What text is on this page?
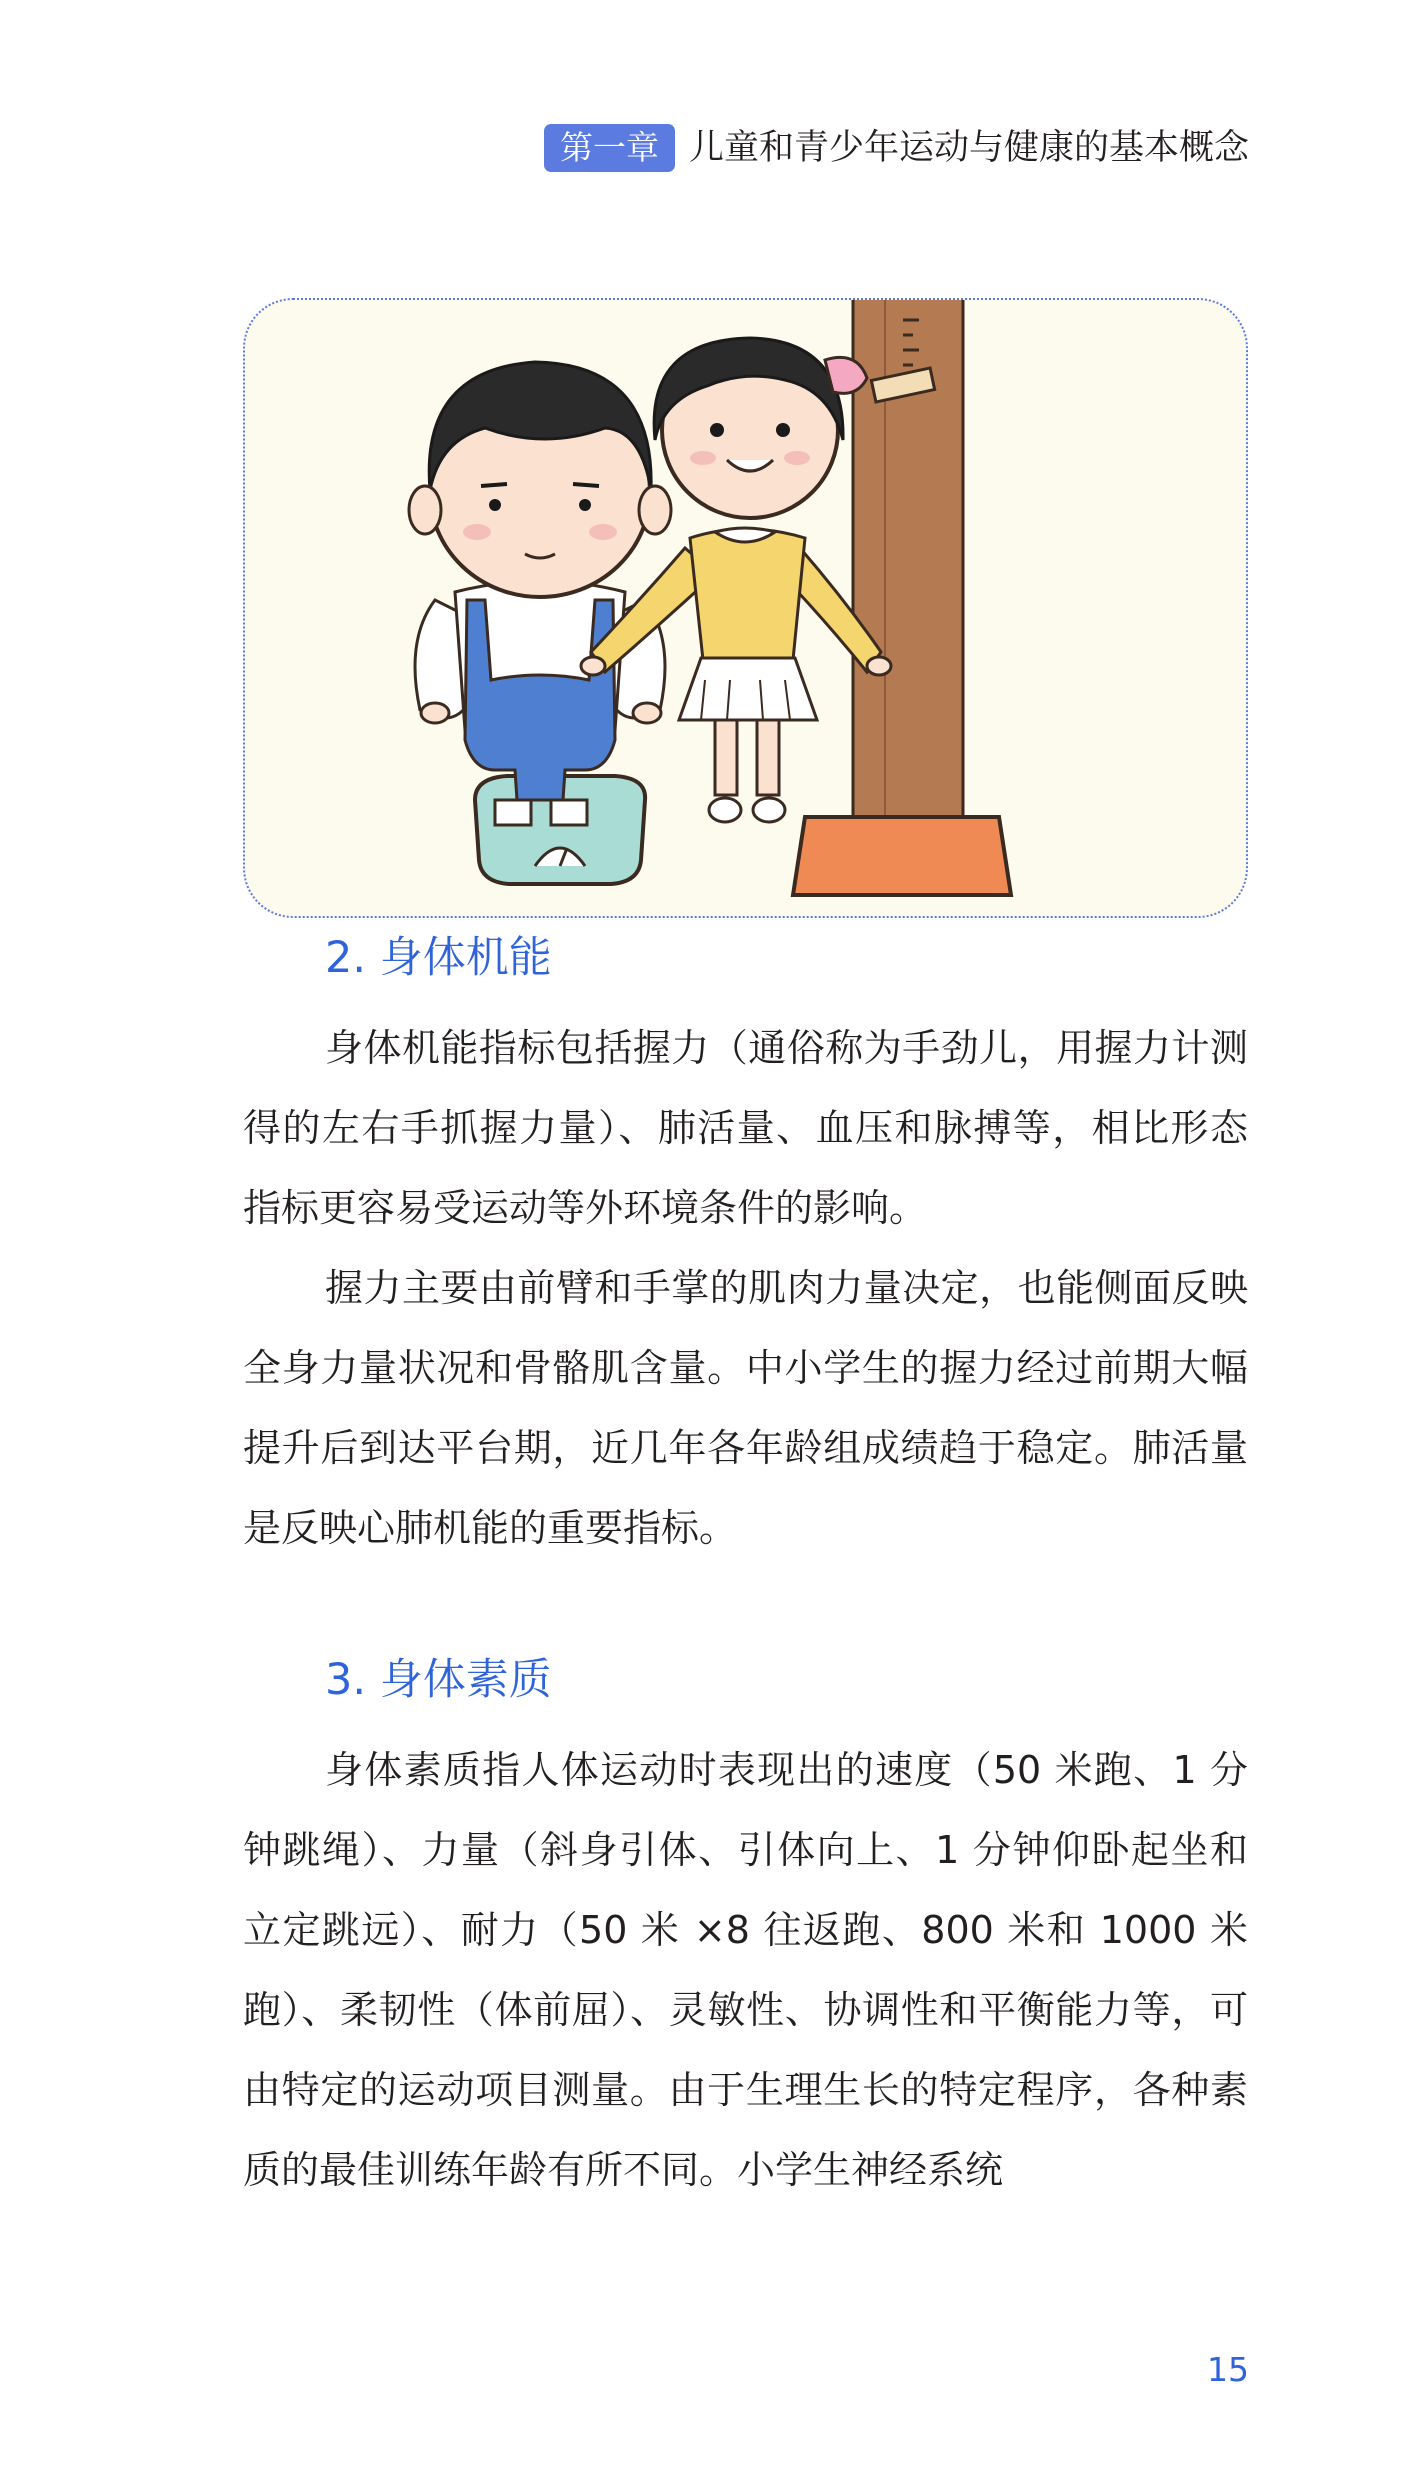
第一章 儿童和青少年运动与健康的基本概念
2. 身体机能

身体机能指标包括握力（通俗称为手劲儿，用握力计测得的左右手抓握力量）、肺活量、血压和脉搏等，相比形态指标更容易受运动等外环境条件的影响。

握力主要由前臂和手掌的肌肉力量决定，也能侧面反映全身力量状况和骨骼肌含量。中小学生的握力经过前期大幅提升后到达平台期，近几年各年龄组成绩趋于稳定。肺活量是反映心肺机能的重要指标。

3. 身体素质

身体素质指人体运动时表现出的速度（50 米跑、1 分钟跳绳）、力量（斜身引体、引体向上、1 分钟仰卧起坐和立定跳远）、耐力（50 米 ×8 往返跑、800 米和 1000 米跑）、柔韧性（体前屈）、灵敏性、协调性和平衡能力等，可由特定的运动项目测量。由于生理生长的特定程序，各种素质的最佳训练年龄有所不同。小学生神经系统

15
